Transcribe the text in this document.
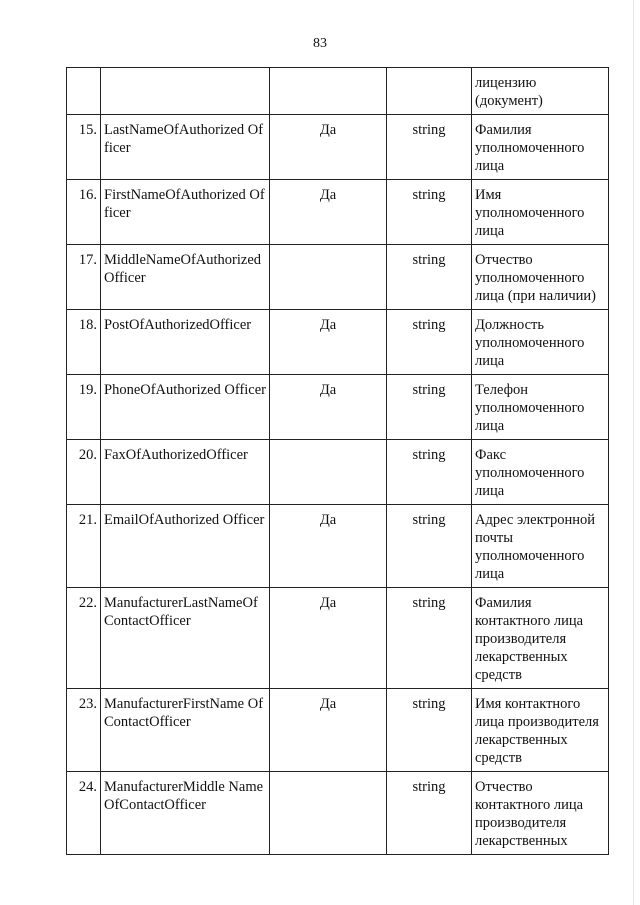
83
				лицензию (документ)
15.	LastNameOfAuthorized Officer	Да	string	Фамилия уполномоченного лица
16.	FirstNameOfAuthorized Officer	Да	string	Имя уполномоченного лица
17.	MiddleNameOfAuthorizedOfficer		string	Отчество уполномоченного лица (при наличии)
18.	PostOfAuthorizedOfficer	Да	string	Должность уполномоченного лица
19.	PhoneOfAuthorized Officer	Да	string	Телефон уполномоченного лица
20.	FaxOfAuthorizedOfficer		string	Факс уполномоченного лица
21.	EmailOfAuthorized Officer	Да	string	Адрес электронной почты уполномоченного лица
22.	ManufacturerLastNameOf ContactOfficer	Да	string	Фамилия контактного лица производителя лекарственных средств
23.	ManufacturerFirstName OfContactOfficer	Да	string	Имя контактного лица производителя лекарственных средств
24.	ManufacturerMiddle NameOfContactOfficer		string	Отчество контактного лица производителя лекарственных
